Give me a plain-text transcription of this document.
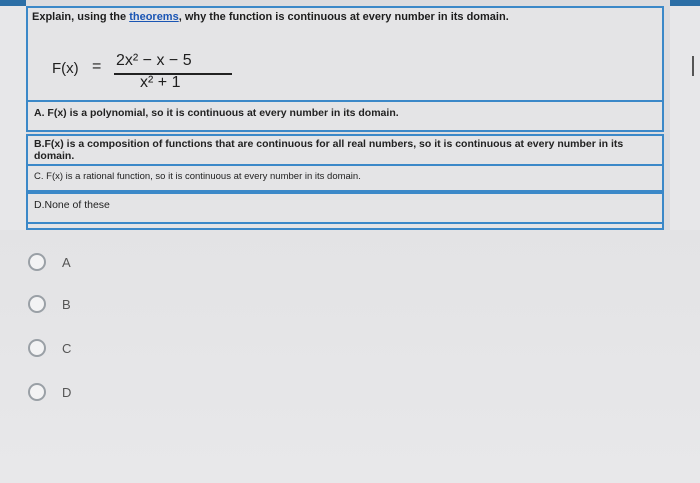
Explain, using the theorems, why the function is continuous at every number in its domain.
F(x) = 2x² − x − 5
x² + 1
A. F(x) is a polynomial, so it is continuous at every number in its domain.
B.F(x) is a composition of functions that are continuous for all real numbers, so it is continuous at every number in its domain.
C. F(x) is a rational function, so it is continuous at every number in its domain.
D.None of these
A
B
C
D
